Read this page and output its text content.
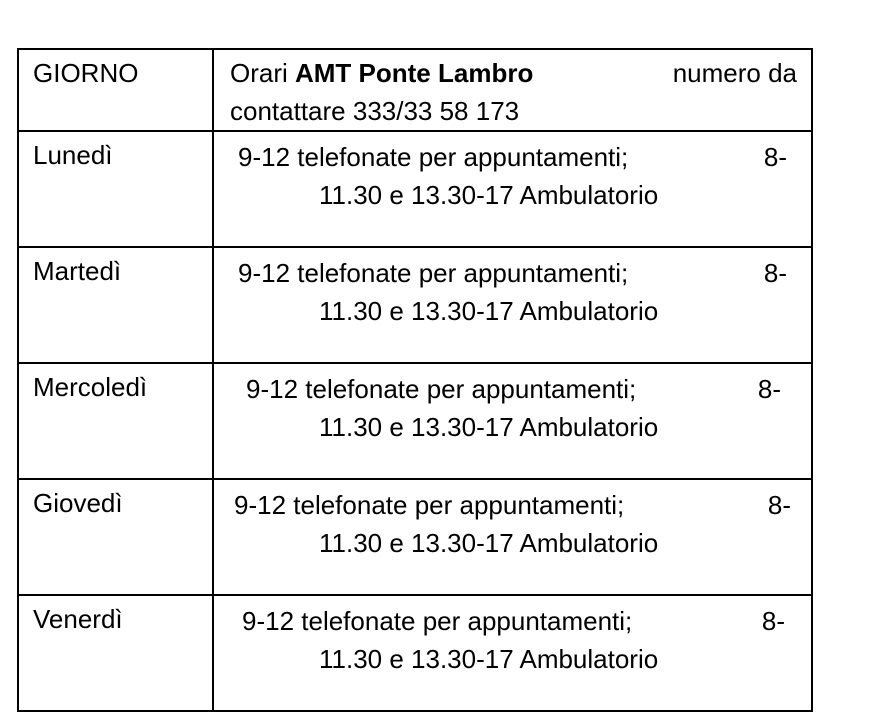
GIORNO	Orari AMT Ponte Lambro numero da
contattare 333/33 58 173

Lunedì	9-12 telefonate per appuntamenti; 8-
11.30 e 13.30-17 Ambulatorio

Martedì	9-12 telefonate per appuntamenti; 8-
11.30 e 13.30-17 Ambulatorio

Mercoledì	9-12 telefonate per appuntamenti; 8-
11.30 e 13.30-17 Ambulatorio

Giovedì	9-12 telefonate per appuntamenti; 8-
11.30 e 13.30-17 Ambulatorio

Venerdì	9-12 telefonate per appuntamenti; 8-
11.30 e 13.30-17 Ambulatorio
